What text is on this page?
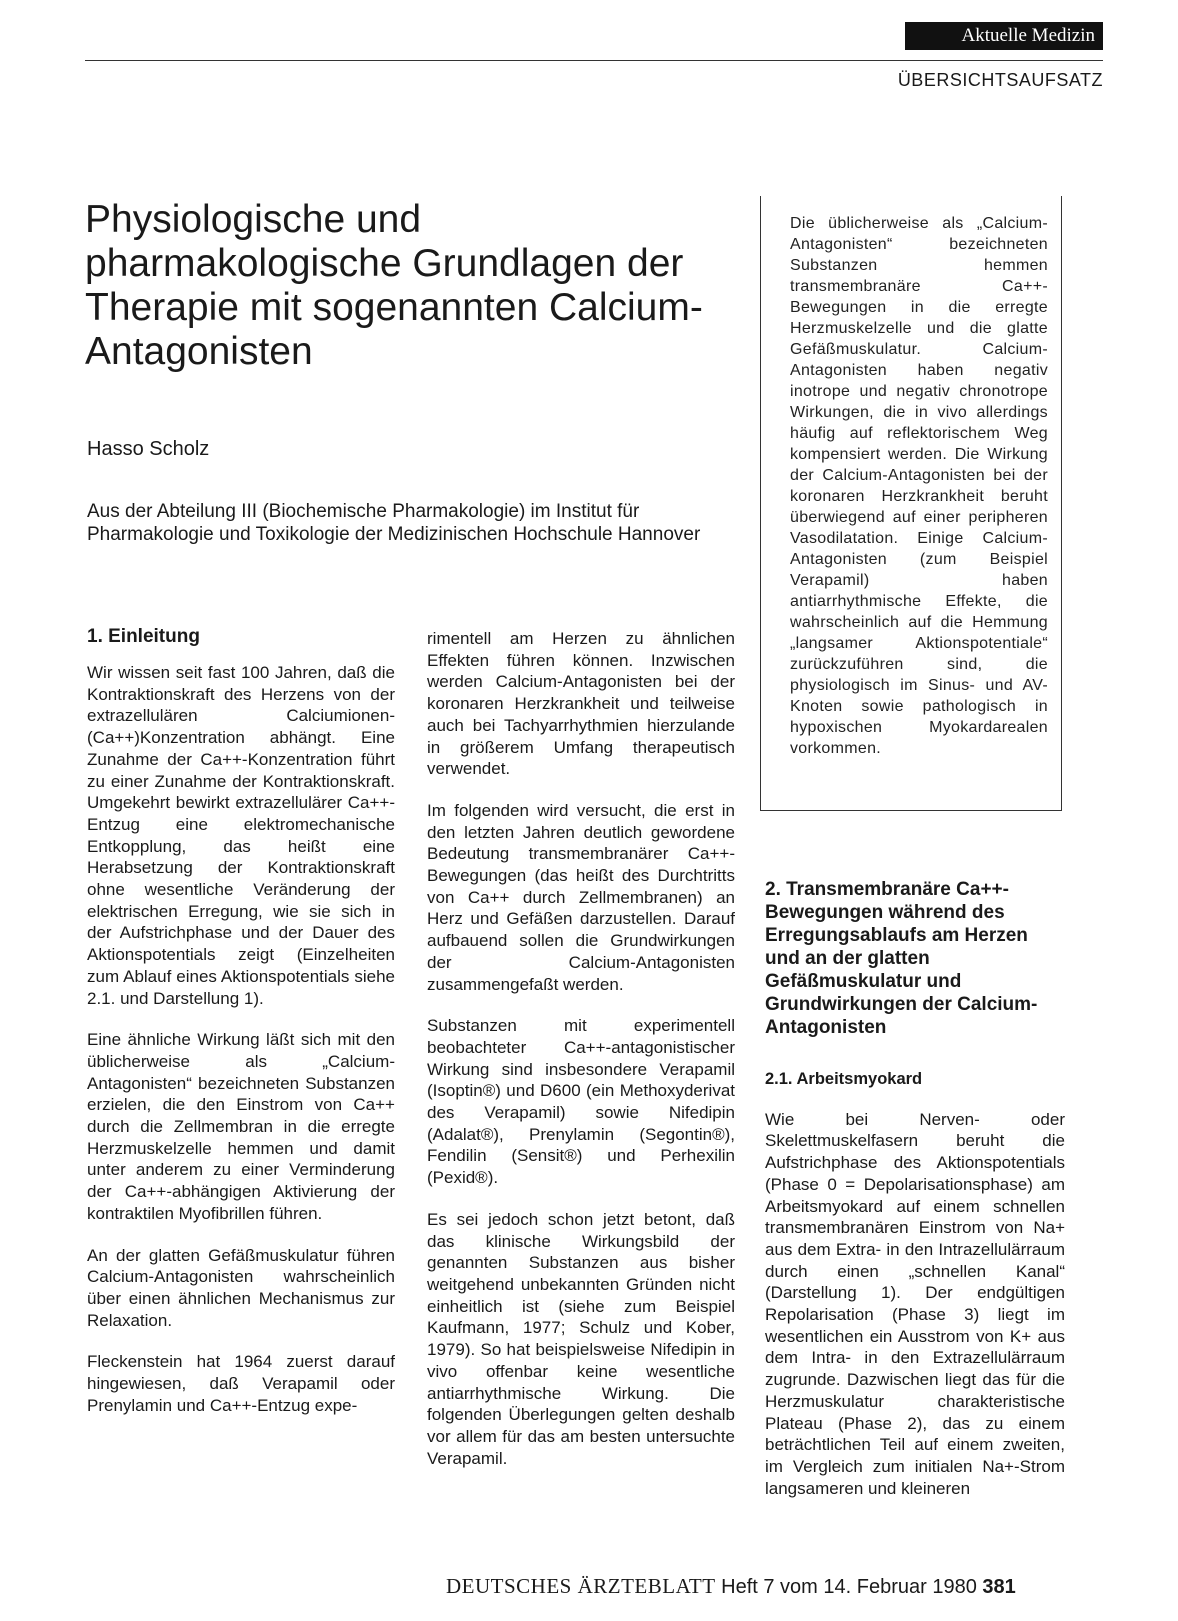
Aktuelle Medizin
ÜBERSICHTSAUFSATZ
Physiologische und pharmakologische Grundlagen der Therapie mit sogenannten Calcium-Antagonisten
Hasso Scholz
Aus der Abteilung III (Biochemische Pharmakologie) im Institut für Pharmakologie und Toxikologie der Medizinischen Hochschule Hannover
Die üblicherweise als „Calcium-Antagonisten“ bezeichneten Substanzen hemmen transmembranäre Ca++-Bewegungen in die erregte Herzmuskelzelle und die glatte Gefäßmuskulatur. Calcium-Antagonisten haben negativ inotrope und negativ chronotrope Wirkungen, die in vivo allerdings häufig auf reflektorischem Weg kompensiert werden. Die Wirkung der Calcium-Antagonisten bei der koronaren Herzkrankheit beruht überwiegend auf einer peripheren Vasodilatation. Einige Calcium-Antagonisten (zum Beispiel Verapamil) haben antiarrhythmische Effekte, die wahrscheinlich auf die Hemmung „langsamer Aktionspotentiale“ zurückzuführen sind, die physiologisch im Sinus- und AV-Knoten sowie pathologisch in hypoxischen Myokardarealen vorkommen.
1. Einleitung

Wir wissen seit fast 100 Jahren, daß die Kontraktionskraft des Herzens von der extrazellulären Calciumionen-(Ca++)Konzentration abhängt. Eine Zunahme der Ca++-Konzentration führt zu einer Zunahme der Kontraktionskraft. Umgekehrt bewirkt extrazellulärer Ca++-Entzug eine elektromechanische Entkopplung, das heißt eine Herabsetzung der Kontraktionskraft ohne wesentliche Veränderung der elektrischen Erregung, wie sie sich in der Aufstrichphase und der Dauer des Aktionspotentials zeigt (Einzelheiten zum Ablauf eines Aktionspotentials siehe 2.1. und Darstellung 1).

Eine ähnliche Wirkung läßt sich mit den üblicherweise als „Calcium-Antagonisten“ bezeichneten Substanzen erzielen, die den Einstrom von Ca++ durch die Zellmembran in die erregte Herzmuskelzelle hemmen und damit unter anderem zu einer Verminderung der Ca++-abhängigen Aktivierung der kontraktilen Myofibrillen führen.

An der glatten Gefäßmuskulatur führen Calcium-Antagonisten wahrscheinlich über einen ähnlichen Mechanismus zur Relaxation.

Fleckenstein hat 1964 zuerst darauf hingewiesen, daß Verapamil oder Prenylamin und Ca++-Entzug expe-

rimentell am Herzen zu ähnlichen Effekten führen können. Inzwischen werden Calcium-Antagonisten bei der koronaren Herzkrankheit und teilweise auch bei Tachyarrhythmien hierzulande in größerem Umfang therapeutisch verwendet.

Im folgenden wird versucht, die erst in den letzten Jahren deutlich gewordene Bedeutung transmembranärer Ca++-Bewegungen (das heißt des Durchtritts von Ca++ durch Zellmembranen) an Herz und Gefäßen darzustellen. Darauf aufbauend sollen die Grundwirkungen der Calcium-Antagonisten zusammengefaßt werden.

Substanzen mit experimentell beobachteter Ca++-antagonistischer Wirkung sind insbesondere Verapamil (Isoptin®) und D600 (ein Methoxyderivat des Verapamil) sowie Nifedipin (Adalat®), Prenylamin (Segontin®), Fendilin (Sensit®) und Perhexilin (Pexid®).

Es sei jedoch schon jetzt betont, daß das klinische Wirkungsbild der genannten Substanzen aus bisher weitgehend unbekannten Gründen nicht einheitlich ist (siehe zum Beispiel Kaufmann, 1977; Schulz und Kober, 1979). So hat beispielsweise Nifedipin in vivo offenbar keine wesentliche antiarrhythmische Wirkung. Die folgenden Überlegungen gelten deshalb vor allem für das am besten untersuchte Verapamil.

2. Transmembranäre Ca++-Bewegungen während des Erregungsablaufs am Herzen und an der glatten Gefäßmuskulatur und Grundwirkungen der Calcium-Antagonisten
2.1. Arbeitsmyokard

Wie bei Nerven- oder Skelettmuskelfasern beruht die Aufstrichphase des Aktionspotentials (Phase 0 = Depolarisationsphase) am Arbeitsmyokard auf einem schnellen transmembranären Einstrom von Na+ aus dem Extra- in den Intrazellulärraum durch einen „schnellen Kanal“ (Darstellung 1). Der endgültigen Repolarisation (Phase 3) liegt im wesentlichen ein Ausstrom von K+ aus dem Intra- in den Extrazellulärraum zugrunde. Dazwischen liegt das für die Herzmuskulatur charakteristische Plateau (Phase 2), das zu einem beträchtlichen Teil auf einem zweiten, im Vergleich zum initialen Na+-Strom langsameren und kleineren

DEUTSCHES ÄRZTEBLATT Heft 7 vom 14. Februar 1980 381
